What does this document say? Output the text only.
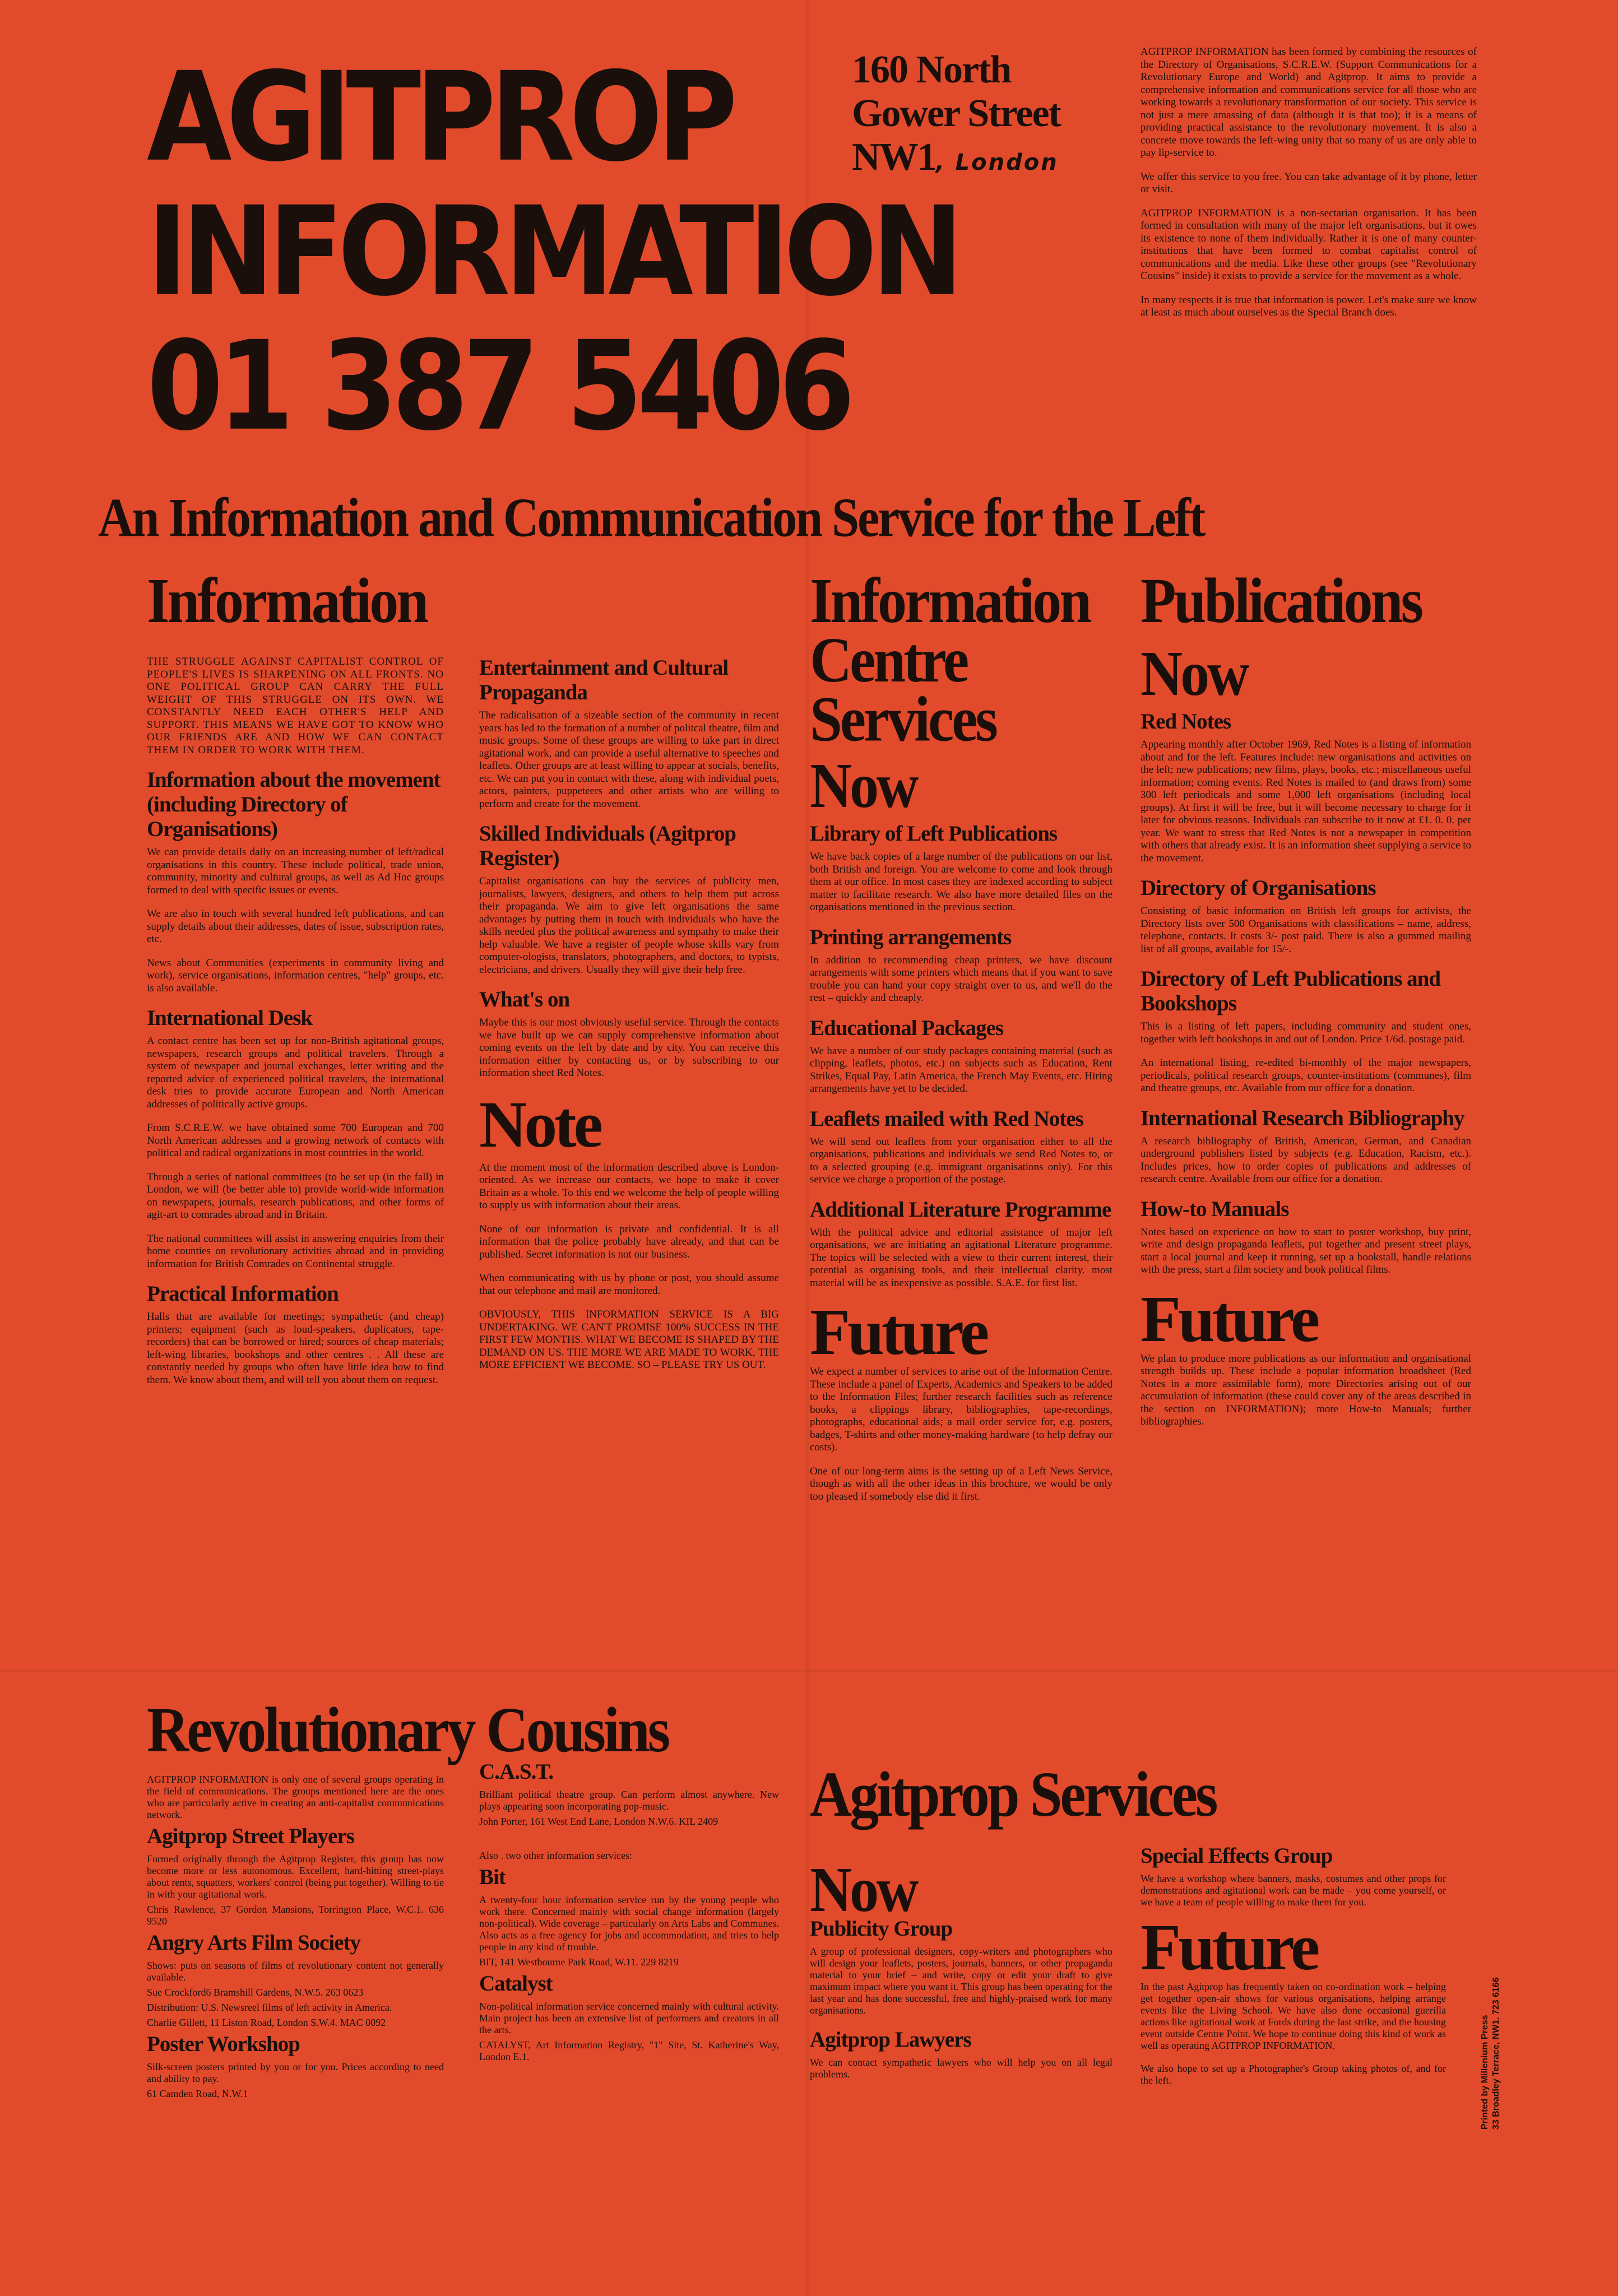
AGITPROP
INFORMATION
01 387 5406
160 North
Gower Street
NW1, London

AGITPROP INFORMATION has been formed by combining the resources of the Directory of Organisations, S.C.R.E.W. (Support Communications for a Revolutionary Europe and World) and Agitprop. It aims to provide a comprehensive information and communications service for all those who are working towards a revolutionary transformation of our society. This service is not just a mere amassing of data (although it is that too); it is a means of providing practical assistance to the revolutionary movement. It is also a concrete move towards the left-wing unity that so many of us are only able to pay lip-service to.

We offer this service to you free. You can take advantage of it by phone, letter or visit.

AGITPROP INFORMATION is a non-sectarian organisation. It has been formed in consultation with many of the major left organisations, but it owes its existence to none of them individually. Rather it is one of many counter-institutions that have been formed to combat capitalist control of communications and the media. Like these other groups (see "Revolutionary Cousins" inside) it exists to provide a service for the movement as a whole.

In many respects it is true that information is power. Let's make sure we know at least as much about ourselves as the Special Branch does.

An Information and Communication Service for the Left
Information

THE STRUGGLE AGAINST CAPITALIST CONTROL OF PEOPLE'S LIVES IS SHARPENING ON ALL FRONTS. NO ONE POLITICAL GROUP CAN CARRY THE FULL WEIGHT OF THIS STRUGGLE ON ITS OWN. WE CONSTANTLY NEED EACH OTHER'S HELP AND SUPPORT. THIS MEANS WE HAVE GOT TO KNOW WHO OUR FRIENDS ARE AND HOW WE CAN CONTACT THEM IN ORDER TO WORK WITH THEM.

Information about the movement (including Directory of Organisations)

We can provide details daily on an increasing number of left/radical organisations in this country. These include political, trade union, community, minority and cultural groups, as well as Ad Hoc groups formed to deal with specific issues or events.

We are also in touch with several hundred left publications, and can supply details about their addresses, dates of issue, subscription rates, etc.

News about Communities (experiments in community living and work), service organisations, information centres, "help" groups, etc. is also available.

International Desk

A contact centre has been set up for non-British agitational groups, newspapers, research groups and political travelers. Through a system of newspaper and journal exchanges, letter writing and the reported advice of experienced political travelers, the international desk tries to provide accurate European and North American addresses of politically active groups.

From S.C.R.E.W. we have obtained some 700 European and 700 North American addresses and a growing network of contacts with political and radical organizations in most countries in the world.

Through a series of national committees (to be set up (in the fall) in London, we will (be better able to) provide world-wide information on newspapers, journals, research publications, and other forms of agit-art to comrades abroad and in Britain.

The national committees will assist in answering enquiries from their home counties on revolutionary activities abroad and in providing information for British Comrades on Continental struggle.

Practical Information

Halls that are available for meetings; sympathetic (and cheap) printers; equipment (such as loud-speakers, duplicators, tape-recorders) that can be borrowed or hired; sources of cheap materials; left-wing libraries, bookshops and other centres . . All these are constantly needed by groups who often have little idea how to find them. We know about them, and will tell you about them on request.

Entertainment and Cultural Propaganda

The radicalisation of a sizeable section of the community in recent years has led to the formation of a number of politcal theatre, film and music groups. Some of these groups are willing to take part in direct agitational work, and can provide a useful alternative to speeches and leaflets. Other groups are at least willing to appear at socials, benefits, etc. We can put you in contact with these, along with individual poets, actors, painters, puppeteers and other artists who are willing to perform and create for the movement.

Skilled Individuals (Agitprop Register)

Capitalist organisations can buy the services of publicity men, journalists, lawyers, designers, and others to help them put across their propaganda. We aim to give left organisations the same advantages by putting them in touch with individuals who have the skills needed plus the political awareness and sympathy to make their help valuable. We have a register of people whose skills vary from computer-ologists, translators, photographers, and doctors, to typists, electricians, and drivers. Usually they will give their help free.

What's on

Maybe this is our most obviously useful service. Through the contacts we have built up we can supply comprehensive information about coming events on the left by date and by city. You can receive this information either by contacting us, or by subscribing to our information sheet Red Notes.

Note

At the moment most of the information described above is London-oriented. As we increase our contacts, we hope to make it cover Britain as a whole. To this end we welcome the help of people willing to supply us with information about their areas.

None of our information is private and confidential. It is all information that the police probably have already, and that can be published. Secret information is not our business.

When communicating with us by phone or post, you should assume that our telephone and mail are monitored.

OBVIOUSLY, THIS INFORMATION SERVICE IS A BIG UNDERTAKING. WE CAN'T PROMISE 100% SUCCESS IN THE FIRST FEW MONTHS. WHAT WE BECOME IS SHAPED BY THE DEMAND ON US. THE MORE WE ARE MADE TO WORK, THE MORE EFFICIENT WE BECOME. SO – PLEASE TRY US OUT.

Information Centre Services
Now
Library of Left Publications

We have back copies of a large number of the publications on our list, both British and foreign. You are welcome to come and look through them at our office. In most cases they are indexed according to subject matter to facilitate research. We also have more detailed files on the organisations mentioned in the previous section.

Printing arrangements

In addition to recommending cheap printers, we have discount arrangements with some printers which means that if you want to save trouble you can hand your copy straight over to us, and we'll do the rest – quickly and cheaply.

Educational Packages

We have a number of our study packages containing material (such as clipping, leaflets, photos, etc.) on subjects such as Education, Rent Strikes, Equal Pay, Latin America, the French May Events, etc. Hiring arrangements have yet to be decided.

Leaflets mailed with Red Notes

We will send out leaflets from your organisation either to all the organisations, publications and individuals we send Red Notes to, or to a selected grouping (e.g. immigrant organisations only). For this service we charge a proportion of the postage.

Additional Literature Programme

With the political advice and editorial assistance of major left organisations, we are initiating an agitational Literature programme. The topics will be selected with a view to their current interest, their potential as organising tools, and their intellectual clarity. most material will be as inexpensive as possible. S.A.E. for first list.

Future

We expect a number of services to arise out of the Information Centre. These include a panel of Experts, Academics and Speakers to be added to the Information Files; further research facilities such as reference books, a clippings library, bibliographies, tape-recordings, photographs, educational aids; a mail order service for, e.g. posters, badges, T-shirts and other money-making hardware (to help defray our costs).

One of our long-term aims is the setting up of a Left News Service, though as with all the other ideas in this brochure, we would be only too pleased if somebody else did it first.

Publications
Now
Red Notes

Appearing monthly after October 1969, Red Notes is a listing of information about and for the left. Features include: new organisations and activities on the left; new publications; new films, plays, books, etc.; miscellaneous useful information; coming events. Red Notes is mailed to (and draws from) some 300 left periodicals and some 1,000 left organisations (including local groups). At first it will be free, but it will become necessary to charge for it later for obvious reasons. Individuals can subscribe to it now at £1. 0. 0. per year. We want to stress that Red Notes is not a newspaper in competition with others that already exist. It is an information sheet supplying a service to the movement.

Directory of Organisations

Consisting of basic information on British left groups for activists, the Directory lists over 500 Organisations with classifications – name, address, telephone, contacts. It costs 3/- post paid. There is also a gummed mailing list of all groups, available for 15/-.

Directory of Left Publications and Bookshops

This is a listing of left papers, including community and student ones, together with left bookshops in and out of London. Price 1/6d. postage paid.

An international listing, re-edited bi-monthly of the major newspapers, periodicals, political research groups, counter-institutions (communes), film and theatre groups, etc. Available from our office for a donation.

International Research Bibliography

A research bibliography of British, American, German, and Canadian underground publishers listed by subjects (e.g. Education, Racism, etc.). Includes prices, how to order copies of publications and addresses of research centre. Available from our office for a donation.

How-to Manuals

Notes based on experience on how to start to poster workshop, buy print, write and design propaganda leaflets, put together and present street plays, start a local journal and keep it running, set up a bookstall, handle relations with the press, start a film society and book political films.

Future

We plan to produce more publications as our information and organisational strength builds up. These include a popular information broadsheet (Red Notes in a more assimilable form), more Directories arising out of our accumulation of information (these could cover any of the areas described in the section on INFORMATION); more How-to Manuals; further bibliographies.

Revolutionary Cousins

AGITPROP INFORMATION is only one of several groups operating in the field of communications. The groups mentioned here are the ones who are particularly active in creating an anti-capitalist communications network.

Agitprop Street Players

Formed originally through the Agitprop Register, this group has now become more or less autonomous. Excellent, hard-hitting street-plays about rents, squatters, workers' control (being put together). Willing to tie in with your agitational work.

Chris Rawlence, 37 Gordon Mansions, Torrington Place, W.C.1. 636 9520

Angry Arts Film Society

Shows: puts on seasons of films of revolutionary content not generally available.

Sue Crockford6 Bramshill Gardens, N.W.5. 263 0623

Distribution: U.S. Newsreel films of left activity in America.

Charlie Gillett, 11 Liston Road, London S.W.4. MAC 0092

Poster Workshop

Silk-screen posters printed by you or for you. Prices according to need and ability to pay.

61 Camden Road, N.W.1

C.A.S.T.

Brilliant political theatre group. Can perform almost anywhere. New plays appearing soon incorporating pop-music.

John Porter, 161 West End Lane, London N.W.6. KIL 2409

Also . two other information services:

Bit

A twenty-four hour information service run by the young people who work there. Concerned mainly with social change information (largely non-political). Wide coverage – particularly on Arts Labs and Communes. Also acts as a free agency for jobs and accommodation, and tries to help people in any kind of trouble.

BIT, 141 Westbourne Park Road, W.11. 229 8219

Catalyst

Non-political information service concerned mainly with cultural activity. Main project has been an extensive list of performers and creators in all the arts.

CATALYST, Art Information Registry, "1" Site, St. Katherine's Way, London E.1.

Agitprop Services
Now
Publicity Group

A group of professional designers, copy-writers and photographers who will design your leaflets, posters, journals, banners, or other propaganda material to your brief – and write, copy or edit your draft to give maximum impact where you want it. This group has been operating for the last year and has done successful, free and highly-praised work for many organisations.

Agitprop Lawyers

We can contact sympathetic lawyers who will help you on all legal problems.

Special Effects Group

We have a workshop where banners, masks, costumes and other props for demonstrations and agitational work can be made – you come yourself, or we have a team of people willing to make them for you.

Future

In the past Agitprop has frequently taken on co-ordination work – helping get together open-air shows for various organisations, helping arrange events like the Living School. We have also done occasional guerilla actions like agitational work at Fords during the last strike, and the housing event outside Centre Point. We hope to continue doing this kind of work as well as operating AGITPROP INFORMATION.

We also hope to set up a Photographer's Group taking photos of, and for the left.	Printed by Millenium Press 33 Broadley Terrace, NW1. 723 6166
